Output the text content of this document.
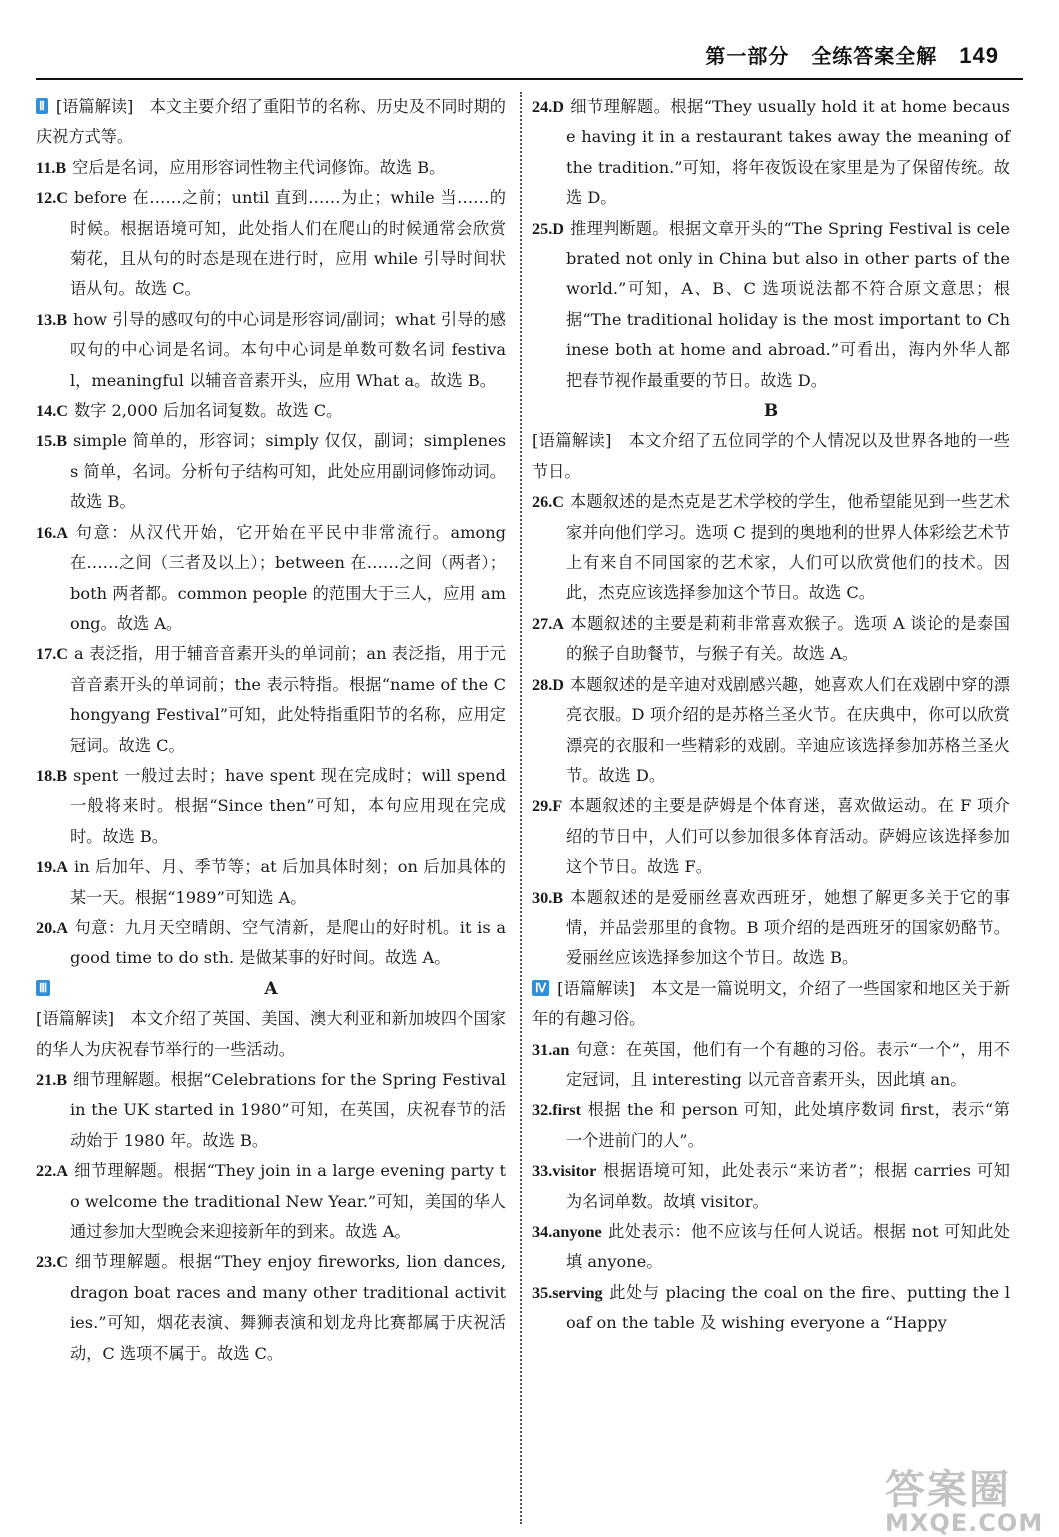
第一部分 全练答案全解 149
Ⅱ [语篇解读]　本文主要介绍了重阳节的名称、历史及不同时期的庆祝方式等。
11.B 空后是名词，应用形容词性物主代词修饰。故选 B。
12.C before 在……之前；until 直到……为止；while 当……的时候。根据语境可知，此处指人们在爬山的时候通常会欣赏菊花，且从句的时态是现在进行时，应用 while 引导时间状语从句。故选 C。
13.B how 引导的感叹句的中心词是形容词/副词；what 引导的感叹句的中心词是名词。本句中心词是单数可数名词 festival，meaningful 以辅音音素开头，应用 What a。故选 B。
14.C 数字 2,000 后加名词复数。故选 C。
15.B simple 简单的，形容词；simply 仅仅，副词；simpleness 简单，名词。分析句子结构可知，此处应用副词修饰动词。故选 B。
16.A 句意：从汉代开始，它开始在平民中非常流行。among 在……之间（三者及以上）；between 在……之间（两者）；both 两者都。common people 的范围大于三人，应用 among。故选 A。
17.C a 表泛指，用于辅音音素开头的单词前；an 表泛指，用于元音音素开头的单词前；the 表示特指。根据“name of the Chongyang Festival”可知，此处特指重阳节的名称，应用定冠词。故选 C。
18.B spent 一般过去时；have spent 现在完成时；will spend 一般将来时。根据“Since then”可知，本句应用现在完成时。故选 B。
19.A in 后加年、月、季节等；at 后加具体时刻；on 后加具体的某一天。根据“1989”可知选 A。
20.A 句意：九月天空晴朗、空气清新，是爬山的好时机。it is a good time to do sth. 是做某事的好时间。故选 A。
Ⅲ	A
[语篇解读]　本文介绍了英国、美国、澳大利亚和新加坡四个国家的华人为庆祝春节举行的一些活动。
21.B 细节理解题。根据“Celebrations for the Spring Festival in the UK started in 1980”可知，在英国，庆祝春节的活动始于 1980 年。故选 B。
22.A 细节理解题。根据“They join in a large evening party to welcome the traditional New Year.”可知，美国的华人通过参加大型晚会来迎接新年的到来。故选 A。
23.C 细节理解题。根据“They enjoy fireworks, lion dances, dragon boat races and many other traditional activities.”可知，烟花表演、舞狮表演和划龙舟比赛都属于庆祝活动，C 选项不属于。故选 C。
24.D 细节理解题。根据“They usually hold it at home because having it in a restaurant takes away the meaning of the tradition.”可知，将年夜饭设在家里是为了保留传统。故选 D。
25.D 推理判断题。根据文章开头的“The Spring Festival is celebrated not only in China but also in other parts of the world.”可知，A、B、C 选项说法都不符合原文意思；根据“The traditional holiday is the most important to Chinese both at home and abroad.”可看出，海内外华人都把春节视作最重要的节日。故选 D。
B
[语篇解读]　本文介绍了五位同学的个人情况以及世界各地的一些节日。
26.C 本题叙述的是杰克是艺术学校的学生，他希望能见到一些艺术家并向他们学习。选项 C 提到的奥地利的世界人体彩绘艺术节上有来自不同国家的艺术家，人们可以欣赏他们的技术。因此，杰克应该选择参加这个节日。故选 C。
27.A 本题叙述的主要是莉莉非常喜欢猴子。选项 A 谈论的是泰国的猴子自助餐节，与猴子有关。故选 A。
28.D 本题叙述的是辛迪对戏剧感兴趣，她喜欢人们在戏剧中穿的漂亮衣服。D 项介绍的是苏格兰圣火节。在庆典中，你可以欣赏漂亮的衣服和一些精彩的戏剧。辛迪应该选择参加苏格兰圣火节。故选 D。
29.F 本题叙述的主要是萨姆是个体育迷，喜欢做运动。在 F 项介绍的节日中，人们可以参加很多体育活动。萨姆应该选择参加这个节日。故选 F。
30.B 本题叙述的是爱丽丝喜欢西班牙，她想了解更多关于它的事情，并品尝那里的食物。B 项介绍的是西班牙的国家奶酪节。爱丽丝应该选择参加这个节日。故选 B。
Ⅳ [语篇解读]　本文是一篇说明文，介绍了一些国家和地区关于新年的有趣习俗。
31.an 句意：在英国，他们有一个有趣的习俗。表示“一个”，用不定冠词，且 interesting 以元音音素开头，因此填 an。
32.first 根据 the 和 person 可知，此处填序数词 first，表示“第一个进前门的人”。
33.visitor 根据语境可知，此处表示“来访者”；根据 carries 可知为名词单数。故填 visitor。
34.anyone 此处表示：他不应该与任何人说话。根据 not 可知此处填 anyone。
35.serving 此处与 placing the coal on the fire、putting the loaf on the table 及 wishing everyone a “Happy
答案圈
MXQE.COM
